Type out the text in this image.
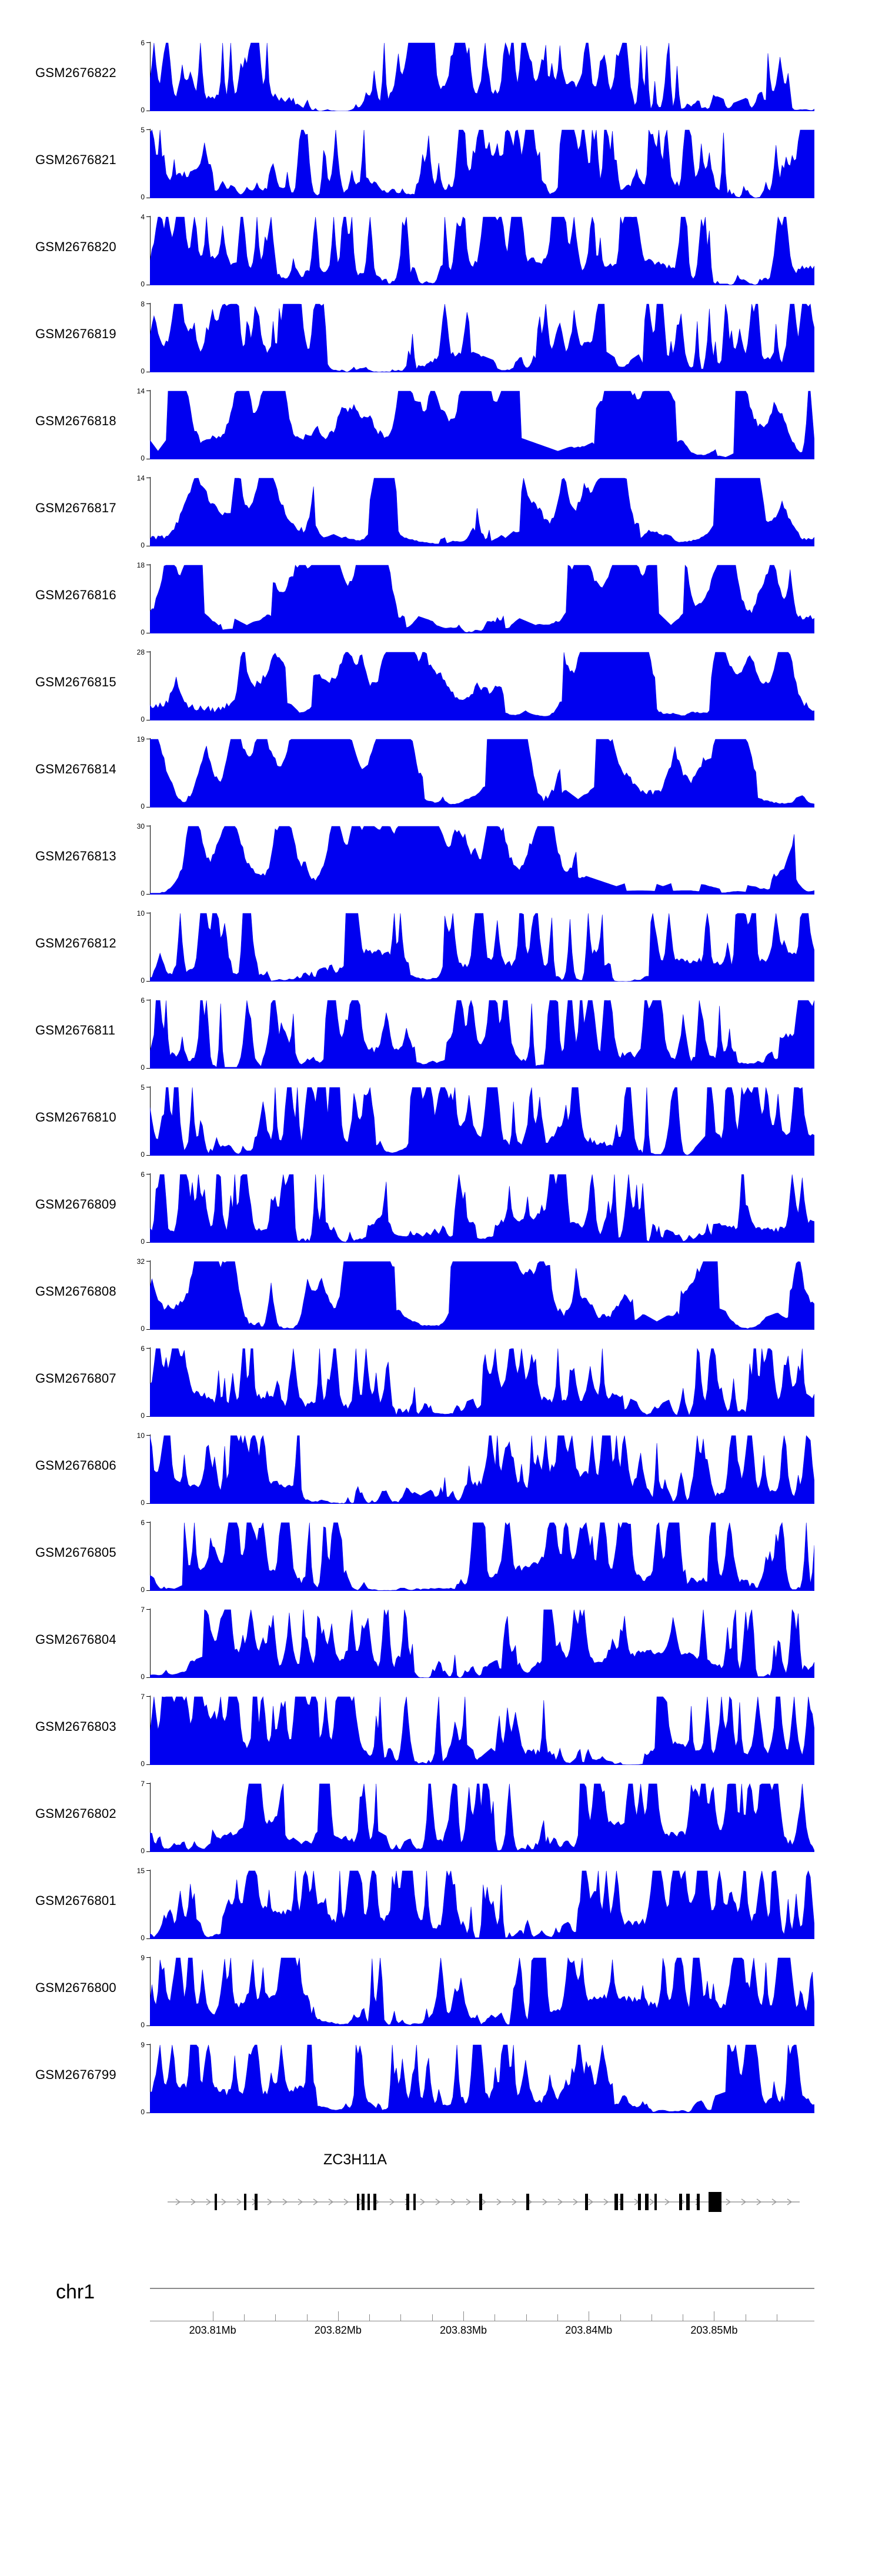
GSM2676822
6
0
GSM2676821
5
0
GSM2676820
4
0
GSM2676819
8
0
GSM2676818
14
0
GSM2676817
14
0
GSM2676816
18
0
GSM2676815
28
0
GSM2676814
19
0
GSM2676813
30
0
GSM2676812
10
0
GSM2676811
6
0
GSM2676810
5
0
GSM2676809
6
0
GSM2676808
32
0
GSM2676807
6
0
GSM2676806
10
0
GSM2676805
6
0
GSM2676804
7
0
GSM2676803
7
0
GSM2676802
7
0
GSM2676801
15
0
GSM2676800
9
0
GSM2676799
9
0
ZC3H11A
chr1
203.81Mb	203.82Mb	203.83Mb	203.84Mb	203.85Mb
